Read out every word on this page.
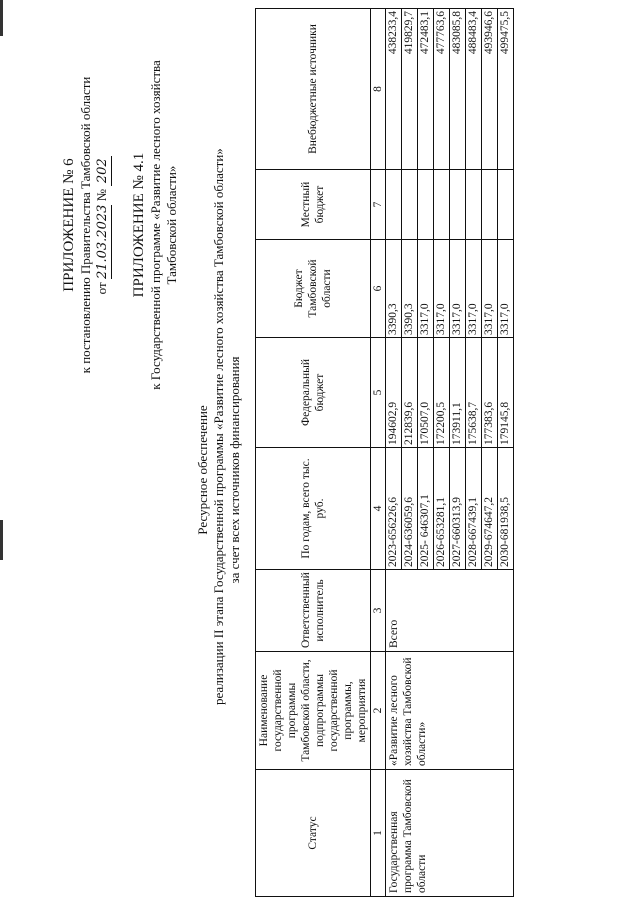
ПРИЛОЖЕНИЕ № 6 к постановлению Правительства Тамбовской области от 21.03.2023 № 202 ПРИЛОЖЕНИЕ № 4.1 к Государственной программе «Развитие лесного хозяйства Тамбовской области»
Ресурсное обеспечение реализации II этапа Государственной программы «Развитие лесного хозяйства Тамбовской области» за счет всех источников финансирования
Статус	Наименование государственной программы Тамбовской области, подпрограммы государственной программы, мероприятия	Ответственный исполнитель	По годам, всего тыс. руб.	Федеральный бюджет	Бюджет Тамбовской области	Местный бюджет	Внебюджетные источники
1	2	3	4	5	6	7	8
Государственная программа Тамбовской области	«Развитие лесного хозяйства Тамбовской области»	Всего	2023-656226,6	194602,9	3390,3		438233,4
			2024-636059,6	212839,6	3390,3		419829,7
			2025- 646307,1	170507,0	3317,0		472483,1
			2026-653281,1	172200,5	3317,0		477763,6
			2027-660313,9	173911,1	3317,0		483085,8
			2028-667439,1	175638,7	3317,0		488483,4
			2029-674647,2	177383,6	3317,0		493946,6
			2030-681938,5	179145,8	3317,0		499475,5
